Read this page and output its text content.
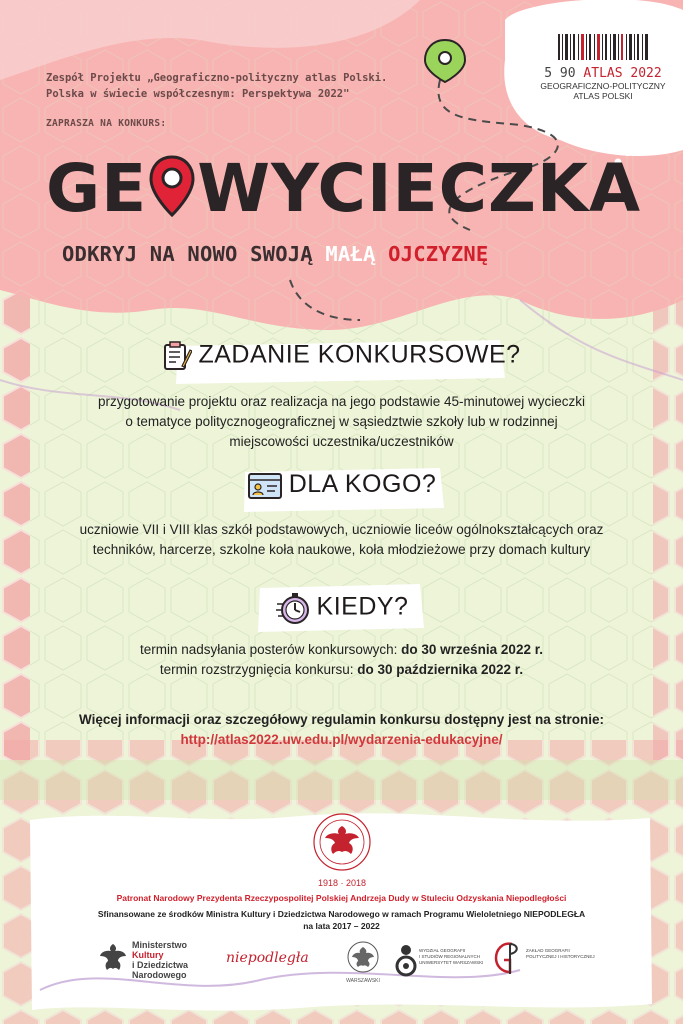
Zespół Projektu „Geograficzno-polityczny atlas Polski.
Polska w świecie współczesnym: Perspektywa 2022"
ZAPRASZA NA KONKURS:
5 90 ATLAS 2022
GEOGRAFICZNO-POLITYCZNY
ATLAS POLSKI
GE WYCIECZKA
ODKRYJ NA NOWO SWOJĄ MAŁĄ OJCZYZNĘ
ZADANIE KONKURSOWE?
przygotowanie projektu oraz realizacja na jego podstawie 45-minutowej wycieczki
o tematyce politycznogeograficznej w sąsiedztwie szkoły lub w rodzinnej
miejscowości uczestnika/uczestników
DLA KOGO?
uczniowie VII i VIII klas szkół podstawowych, uczniowie liceów ogólnokształcących oraz
techników, harcerze, szkolne koła naukowe, koła młodzieżowe przy domach kultury
KIEDY?
termin nadsyłania posterów konkursowych: do 30 września 2022 r.
termin rozstrzygnięcia konkursu: do 30 października 2022 r.
Więcej informacji oraz szczegółowy regulamin konkursu dostępny jest na stronie:
http://atlas2022.uw.edu.pl/wydarzenia-edukacyjne/
1918 · 2018
Patronat Narodowy Prezydenta Rzeczypospolitej Polskiej Andrzeja Dudy w Stuleciu Odzyskania Niepodległości
Sfinansowane ze środków Ministra Kultury i Dziedzictwa Narodowego w ramach Programu Wieloletniego NIEPODLEGŁA
na lata 2017 – 2022
Ministerstwo
Kultury
i Dziedzictwa
Narodowego
niepodległa
WARSZAWSKI
WYDZIAŁ GEOGRAFII
I STUDIÓW REGIONALNYCH
UNIWERSYTET WARSZAWSKI
ZAKŁAD GEOGRAFII
POLITYCZNEJ I HISTORYCZNEJ
